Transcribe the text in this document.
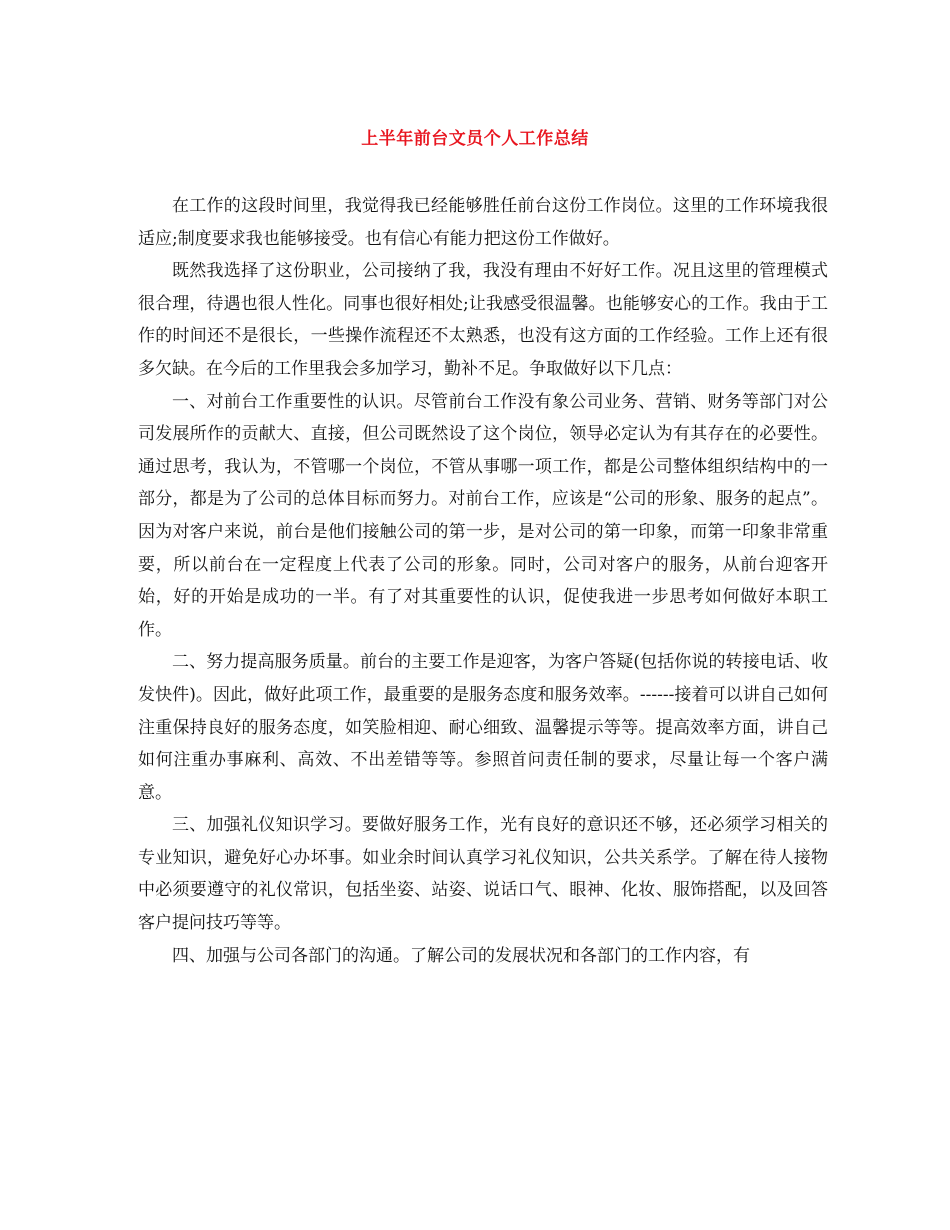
上半年前台文员个人工作总结

在工作的这段时间里，我觉得我已经能够胜任前台这份工作岗位。这里的工作环境我很适应;制度要求我也能够接受。也有信心有能力把这份工作做好。

既然我选择了这份职业，公司接纳了我，我没有理由不好好工作。况且这里的管理模式很合理，待遇也很人性化。同事也很好相处;让我感受很温馨。也能够安心的工作。我由于工作的时间还不是很长，一些操作流程还不太熟悉，也没有这方面的工作经验。工作上还有很多欠缺。在今后的工作里我会多加学习，勤补不足。争取做好以下几点：

一、对前台工作重要性的认识。尽管前台工作没有象公司业务、营销、财务等部门对公司发展所作的贡献大、直接，但公司既然设了这个岗位，领导必定认为有其存在的必要性。通过思考，我认为，不管哪一个岗位，不管从事哪一项工作，都是公司整体组织结构中的一部分，都是为了公司的总体目标而努力。对前台工作，应该是“公司的形象、服务的起点”。因为对客户来说，前台是他们接触公司的第一步，是对公司的第一印象，而第一印象非常重要，所以前台在一定程度上代表了公司的形象。同时，公司对客户的服务，从前台迎客开始，好的开始是成功的一半。有了对其重要性的认识，促使我进一步思考如何做好本职工作。

二、努力提高服务质量。前台的主要工作是迎客，为客户答疑(包括你说的转接电话、收发快件)。因此，做好此项工作，最重要的是服务态度和服务效率。------接着可以讲自己如何注重保持良好的服务态度，如笑脸相迎、耐心细致、温馨提示等等。提高效率方面，讲自己如何注重办事麻利、高效、不出差错等等。参照首问责任制的要求，尽量让每一个客户满意。

三、加强礼仪知识学习。要做好服务工作，光有良好的意识还不够，还必须学习相关的专业知识，避免好心办坏事。如业余时间认真学习礼仪知识，公共关系学。了解在待人接物中必须要遵守的礼仪常识，包括坐姿、站姿、说话口气、眼神、化妆、服饰搭配，以及回答客户提问技巧等等。

四、加强与公司各部门的沟通。了解公司的发展状况和各部门的工作内容，有
